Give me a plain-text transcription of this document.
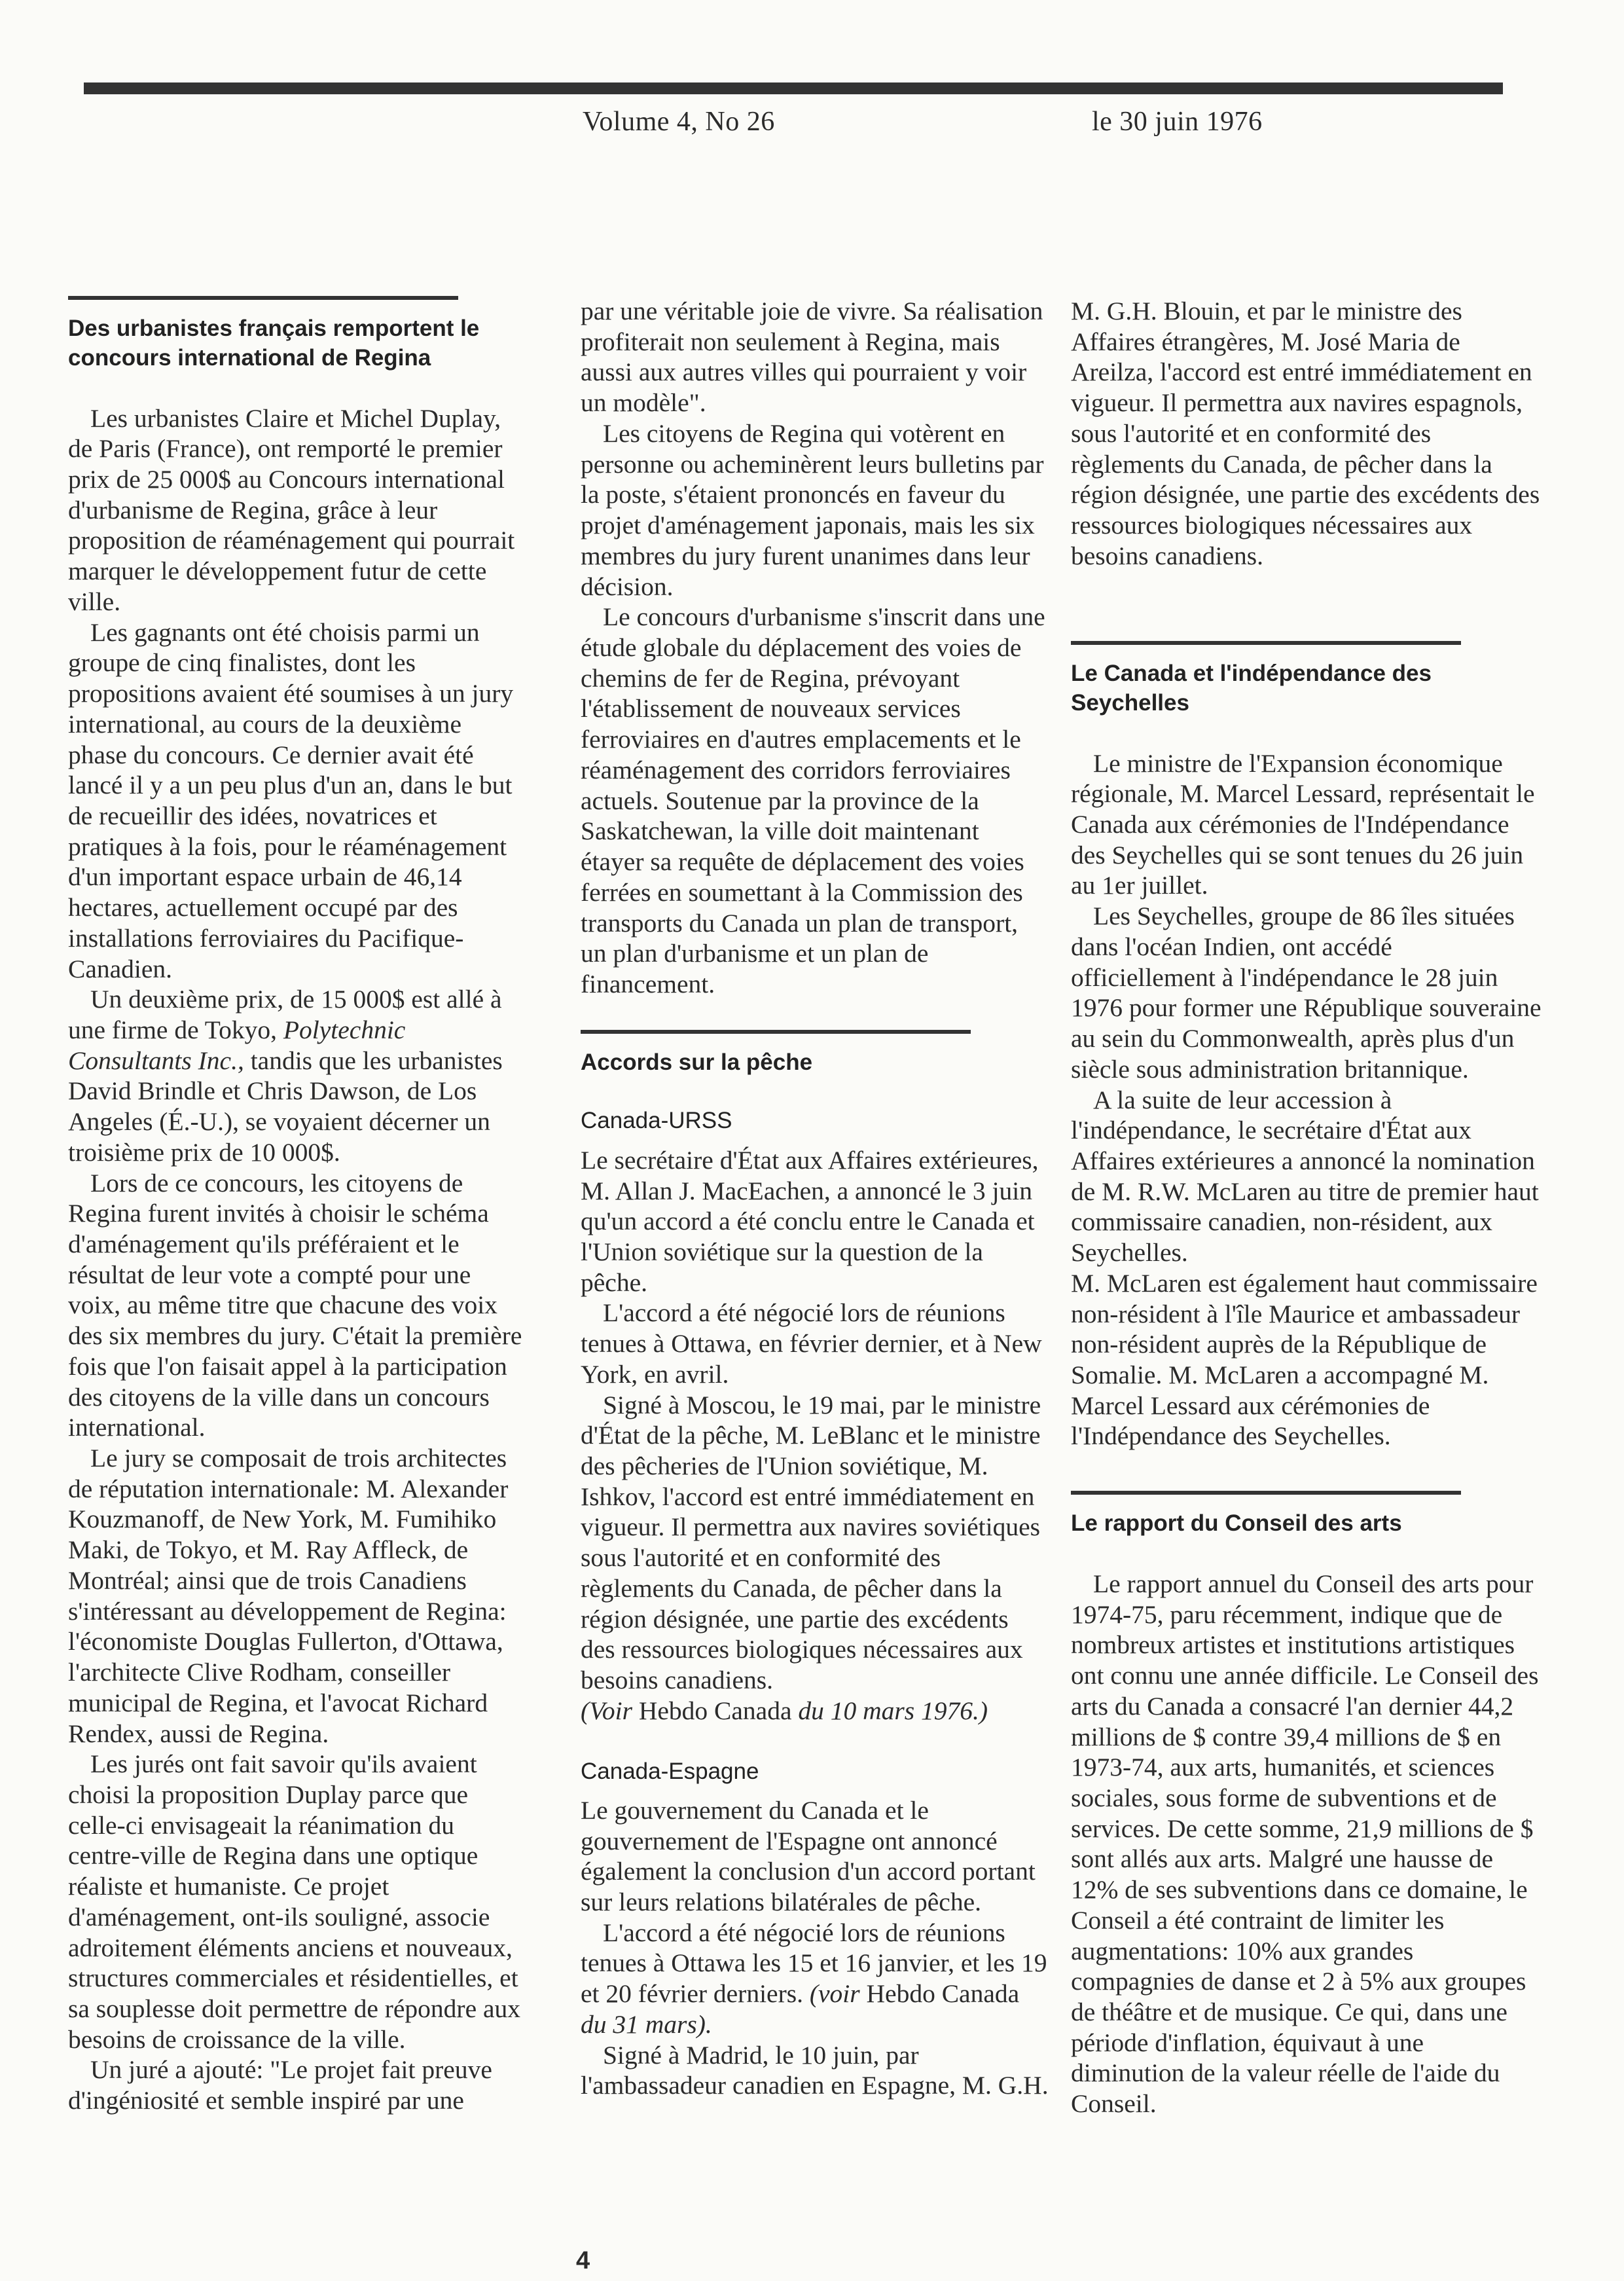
Volume 4, No 26	le 30 juin 1976
Des urbanistes français remportent le concours international de Regina

Les urbanistes Claire et Michel Duplay, de Paris (France), ont remporté le premier prix de 25 000$ au Concours international d'urbanisme de Regina, grâce à leur proposition de réaménagement qui pourrait marquer le développement futur de cette ville.

Les gagnants ont été choisis parmi un groupe de cinq finalistes, dont les propositions avaient été soumises à un jury international, au cours de la deuxième phase du concours. Ce dernier avait été lancé il y a un peu plus d'un an, dans le but de recueillir des idées, novatrices et pratiques à la fois, pour le réaménagement d'un important espace urbain de 46,14 hectares, actuellement occupé par des installations ferroviaires du Pacifique-Canadien.

Un deuxième prix, de 15 000$ est allé à une firme de Tokyo, Polytechnic Consultants Inc., tandis que les urbanistes David Brindle et Chris Dawson, de Los Angeles (É.-U.), se voyaient décerner un troisième prix de 10 000$.

Lors de ce concours, les citoyens de Regina furent invités à choisir le schéma d'aménagement qu'ils préféraient et le résultat de leur vote a compté pour une voix, au même titre que chacune des voix des six membres du jury. C'était la première fois que l'on faisait appel à la participation des citoyens de la ville dans un concours international.

Le jury se composait de trois architectes de réputation internationale: M. Alexander Kouzmanoff, de New York, M. Fumihiko Maki, de Tokyo, et M. Ray Affleck, de Montréal; ainsi que de trois Canadiens s'intéressant au développement de Regina: l'économiste Douglas Fullerton, d'Ottawa, l'architecte Clive Rodham, conseiller municipal de Regina, et l'avocat Richard Rendex, aussi de Regina.

Les jurés ont fait savoir qu'ils avaient choisi la proposition Duplay parce que celle-ci envisageait la réanimation du centre-ville de Regina dans une optique réaliste et humaniste. Ce projet d'aménagement, ont-ils souligné, associe adroitement éléments anciens et nouveaux, structures commerciales et résidentielles, et sa souplesse doit permettre de répondre aux besoins de croissance de la ville.

Un juré a ajouté: "Le projet fait preuve d'ingéniosité et semble inspiré par une

par une véritable joie de vivre. Sa réalisation profiterait non seulement à Regina, mais aussi aux autres villes qui pourraient y voir un modèle".

Les citoyens de Regina qui votèrent en personne ou acheminèrent leurs bulletins par la poste, s'étaient prononcés en faveur du projet d'aménagement japonais, mais les six membres du jury furent unanimes dans leur décision.

Le concours d'urbanisme s'inscrit dans une étude globale du déplacement des voies de chemins de fer de Regina, prévoyant l'établissement de nouveaux services ferroviaires en d'autres emplacements et le réaménagement des corridors ferroviaires actuels. Soutenue par la province de la Saskatchewan, la ville doit maintenant étayer sa requête de déplacement des voies ferrées en soumettant à la Commission des transports du Canada un plan de transport, un plan d'urbanisme et un plan de financement.

Accords sur la pêche
Canada-URSS

Le secrétaire d'État aux Affaires extérieures, M. Allan J. MacEachen, a annoncé le 3 juin qu'un accord a été conclu entre le Canada et l'Union soviétique sur la question de la pêche.

L'accord a été négocié lors de réunions tenues à Ottawa, en février dernier, et à New York, en avril.

Signé à Moscou, le 19 mai, par le ministre d'État de la pêche, M. LeBlanc et le ministre des pêcheries de l'Union soviétique, M. Ishkov, l'accord est entré immédiatement en vigueur. Il permettra aux navires soviétiques sous l'autorité et en conformité des règlements du Canada, de pêcher dans la région désignée, une partie des excédents des ressources biologiques nécessaires aux besoins canadiens.

(Voir Hebdo Canada du 10 mars 1976.)

Canada-Espagne

Le gouvernement du Canada et le gouvernement de l'Espagne ont annoncé également la conclusion d'un accord portant sur leurs relations bilatérales de pêche.

L'accord a été négocié lors de réunions tenues à Ottawa les 15 et 16 janvier, et les 19 et 20 février derniers. (voir Hebdo Canada du 31 mars).

Signé à Madrid, le 10 juin, par l'ambassadeur canadien en Espagne, M. G.H.

M. G.H. Blouin, et par le ministre des Affaires étrangères, M. José Maria de Areilza, l'accord est entré immédiatement en vigueur. Il permettra aux navires espagnols, sous l'autorité et en conformité des règlements du Canada, de pêcher dans la région désignée, une partie des excédents des ressources biologiques nécessaires aux besoins canadiens.

Le Canada et l'indépendance des Seychelles

Le ministre de l'Expansion économique régionale, M. Marcel Lessard, représentait le Canada aux cérémonies de l'Indépendance des Seychelles qui se sont tenues du 26 juin au 1er juillet.

Les Seychelles, groupe de 86 îles situées dans l'océan Indien, ont accédé officiellement à l'indépendance le 28 juin 1976 pour former une République souveraine au sein du Commonwealth, après plus d'un siècle sous administration britannique.

A la suite de leur accession à l'indépendance, le secrétaire d'État aux Affaires extérieures a annoncé la nomination de M. R.W. McLaren au titre de premier haut commissaire canadien, non-résident, aux Seychelles.

M. McLaren est également haut commissaire non-résident à l'île Maurice et ambassadeur non-résident auprès de la République de Somalie. M. McLaren a accompagné M. Marcel Lessard aux cérémonies de l'Indépendance des Seychelles.

Le rapport du Conseil des arts

Le rapport annuel du Conseil des arts pour 1974-75, paru récemment, indique que de nombreux artistes et institutions artistiques ont connu une année difficile. Le Conseil des arts du Canada a consacré l'an dernier 44,2 millions de $ contre 39,4 millions de $ en 1973-74, aux arts, humanités, et sciences sociales, sous forme de subventions et de services. De cette somme, 21,9 millions de $ sont allés aux arts. Malgré une hausse de 12% de ses subventions dans ce domaine, le Conseil a été contraint de limiter les augmentations: 10% aux grandes compagnies de danse et 2 à 5% aux groupes de théâtre et de musique. Ce qui, dans une période d'inflation, équivaut à une diminution de la valeur réelle de l'aide du Conseil.

4
